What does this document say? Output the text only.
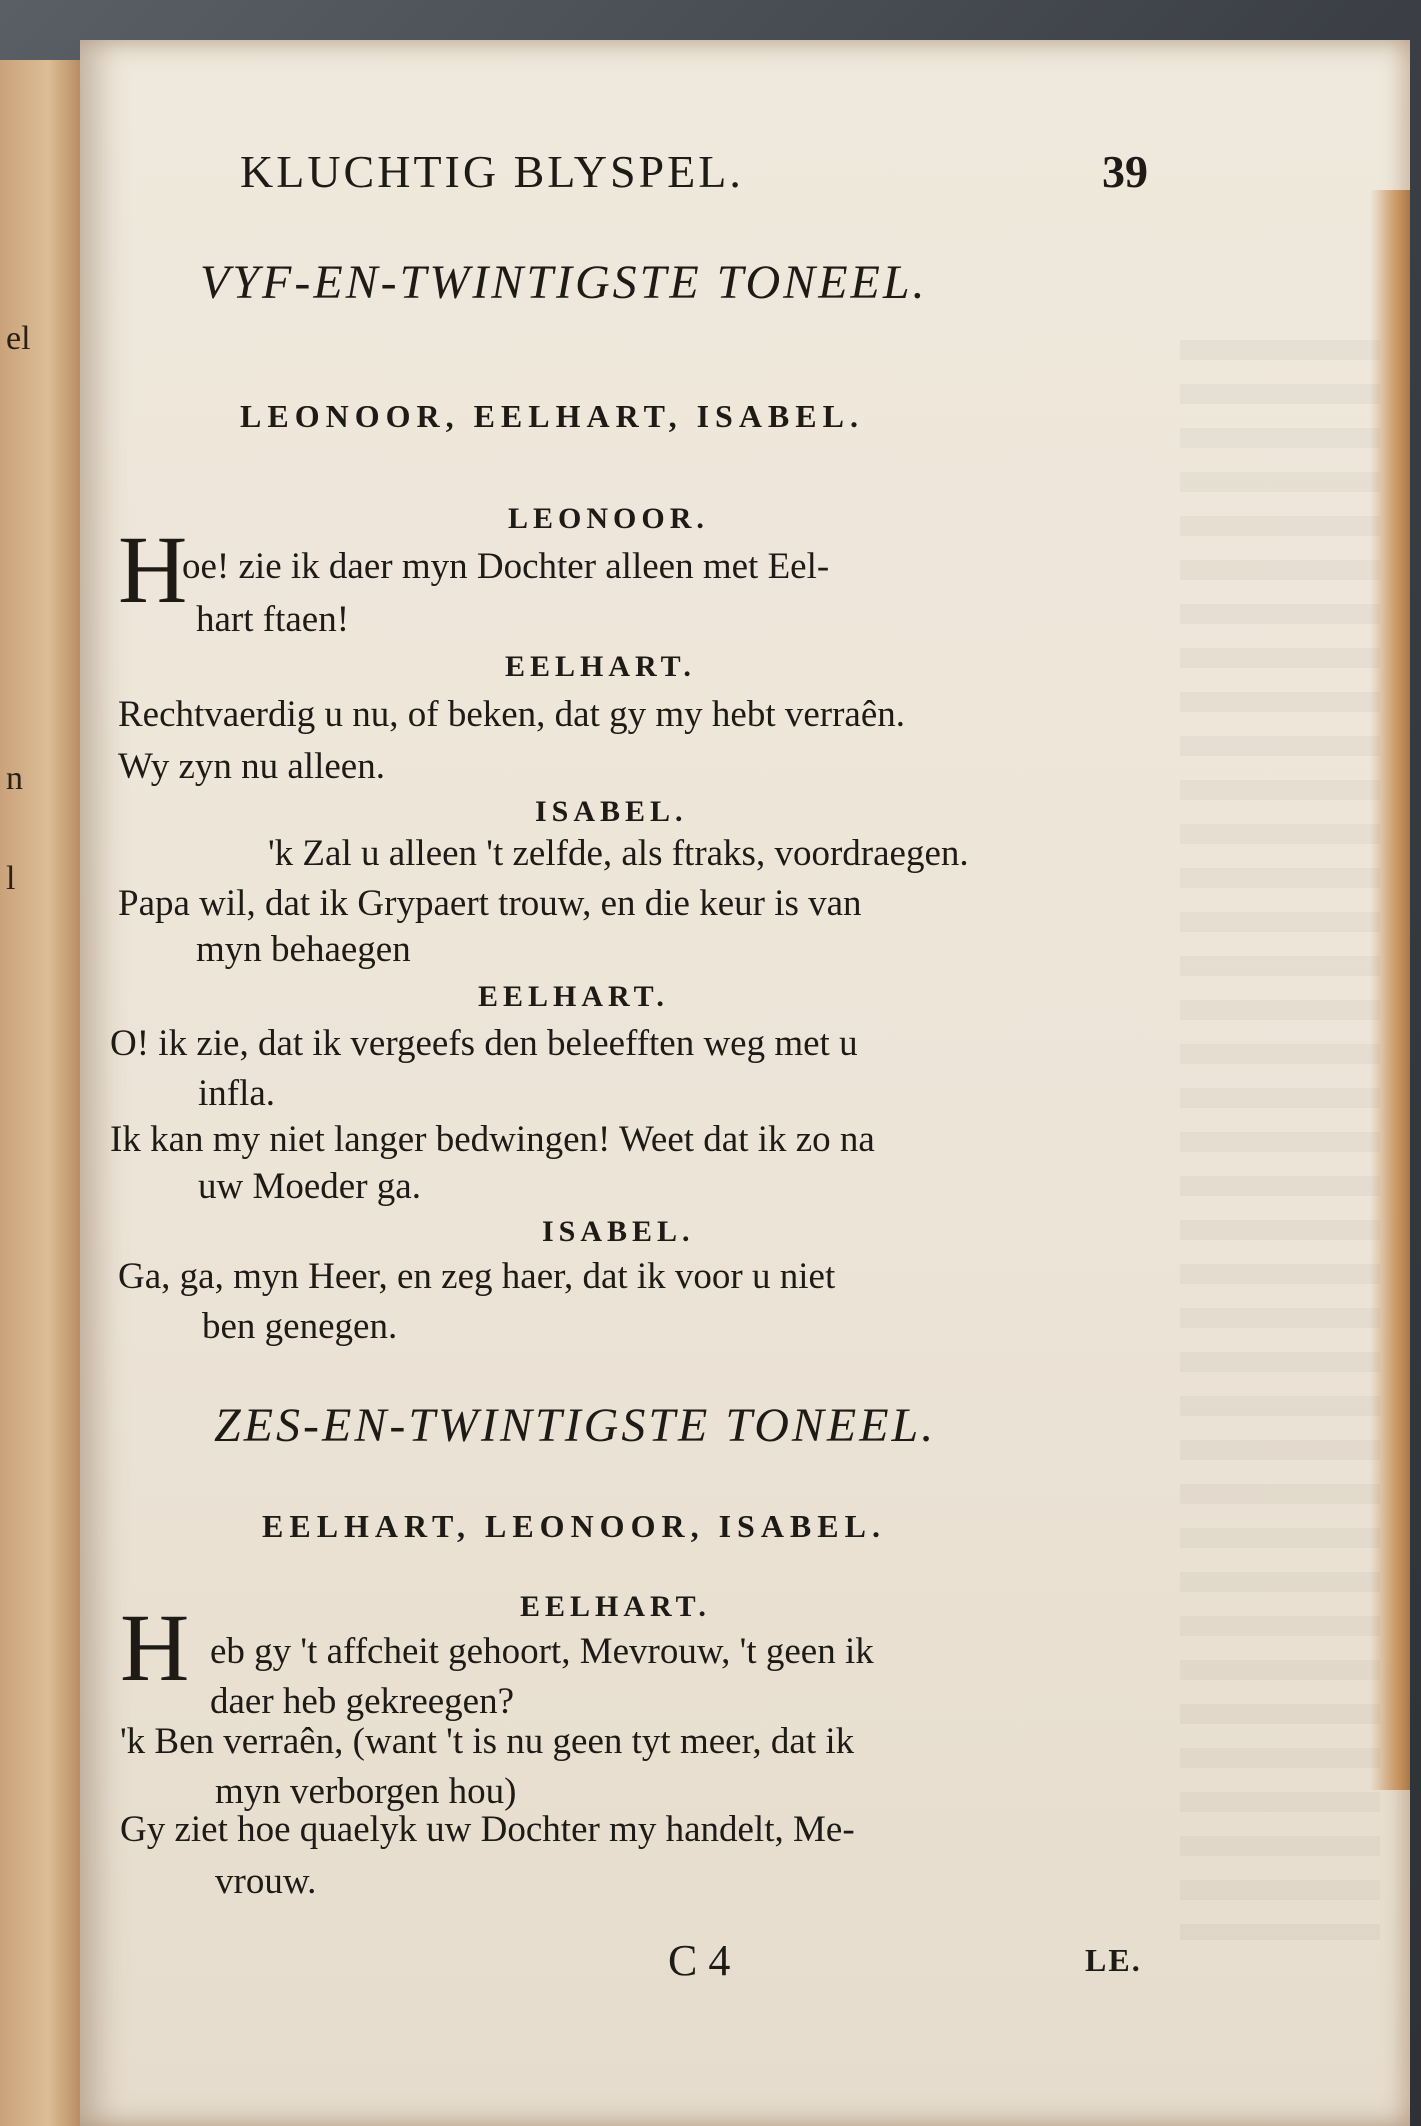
el
n
l
KLUCHTIG BLYSPEL.	39
VYF-EN-TWINTIGSTE TONEEL.
LEONOOR, EELHART, ISABEL.
LEONOOR.
H
oe! zie ik daer myn Dochter alleen met Eel-
hart ftaen!
EELHART.
Rechtvaerdig u nu, of beken, dat gy my hebt verraên.
Wy zyn nu alleen.
ISABEL.
'k Zal u alleen 't zelfde, als ftraks, voordraegen.
Papa wil, dat ik Grypaert trouw, en die keur is van
myn behaegen
EELHART.
O! ik zie, dat ik vergeefs den beleefften weg met u
infla.
Ik kan my niet langer bedwingen! Weet dat ik zo na
uw Moeder ga.
ISABEL.
Ga, ga, myn Heer, en zeg haer, dat ik voor u niet
ben genegen.
ZES-EN-TWINTIGSTE TONEEL.
EELHART, LEONOOR, ISABEL.
EELHART.
H eb gy 't affcheit gehoort, Mevrouw, 't geen ik
daer heb gekreegen?
'k Ben verraên, (want 't is nu geen tyt meer, dat ik
myn verborgen hou)
Gy ziet hoe quaelyk uw Dochter my handelt, Me-
vrouw.
C 4	LE.
